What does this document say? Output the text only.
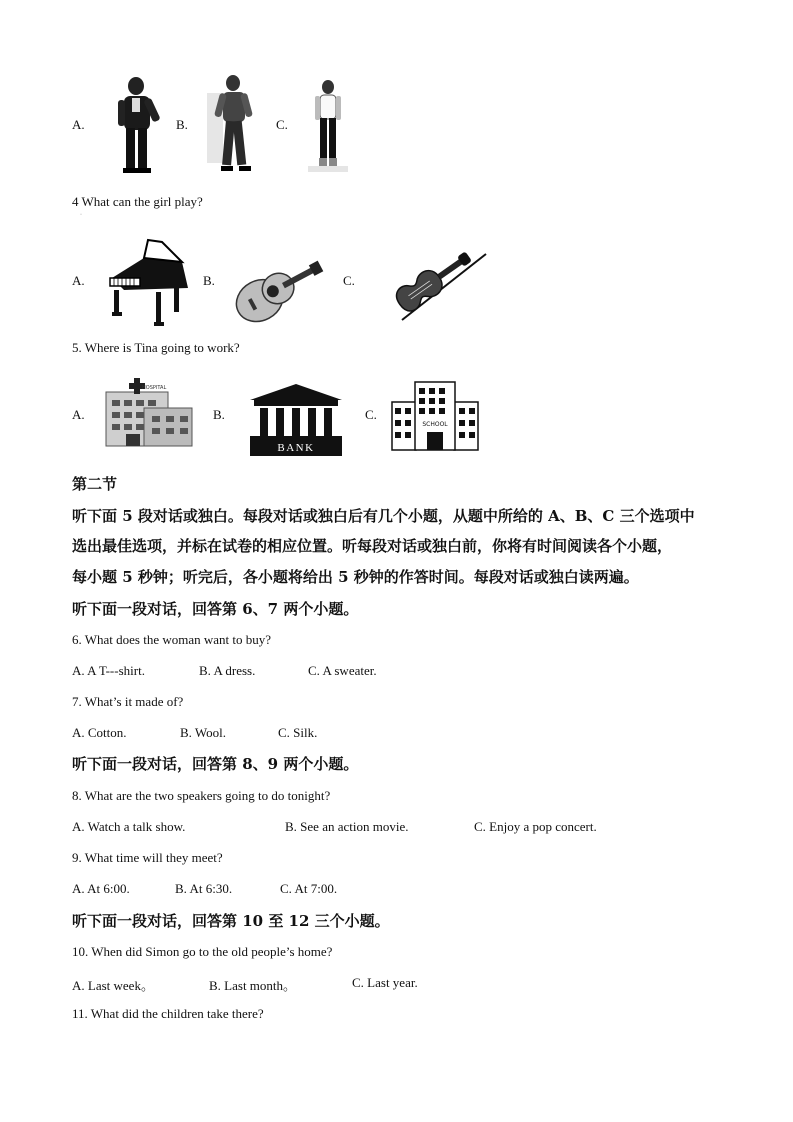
A.	B.	C.
4 What can the girl play?
·
A.	B.	C.
5. Where is Tina going to work?
A.
HOSPITAL
B.
BANK
C.
SCHOOL
第二节
听下面 5 段对话或独白。每段对话或独白后有几个小题，从题中所给的 A、B、C 三个选项中
选出最佳选项，并标在试卷的相应位置。听每段对话或独白前，你将有时间阅读各个小题，
每小题 5 秒钟；听完后，各小题将给出 5 秒钟的作答时间。每段对话或独白读两遍。
听下面一段对话，回答第 6、7 两个小题。
6. What does the woman want to buy?
A. A T---shirt.	B. A dress.	C. A sweater.
7. What’s it made of?
A. Cotton.	B. Wool.	C. Silk.
听下面一段对话，回答第 8、9 两个小题。
8. What are the two speakers going to do tonight?
A. Watch a talk show.	B. See an action movie.	C. Enjoy a pop concert.
9. What time will they meet?
A. At 6:00.	B. At 6:30.	C. At 7:00.
听下面一段对话，回答第 10 至 12 三个小题。
10. When did Simon go to the old people’s home?
A. Last week。	B. Last month。	C. Last year.
11. What did the children take there?
